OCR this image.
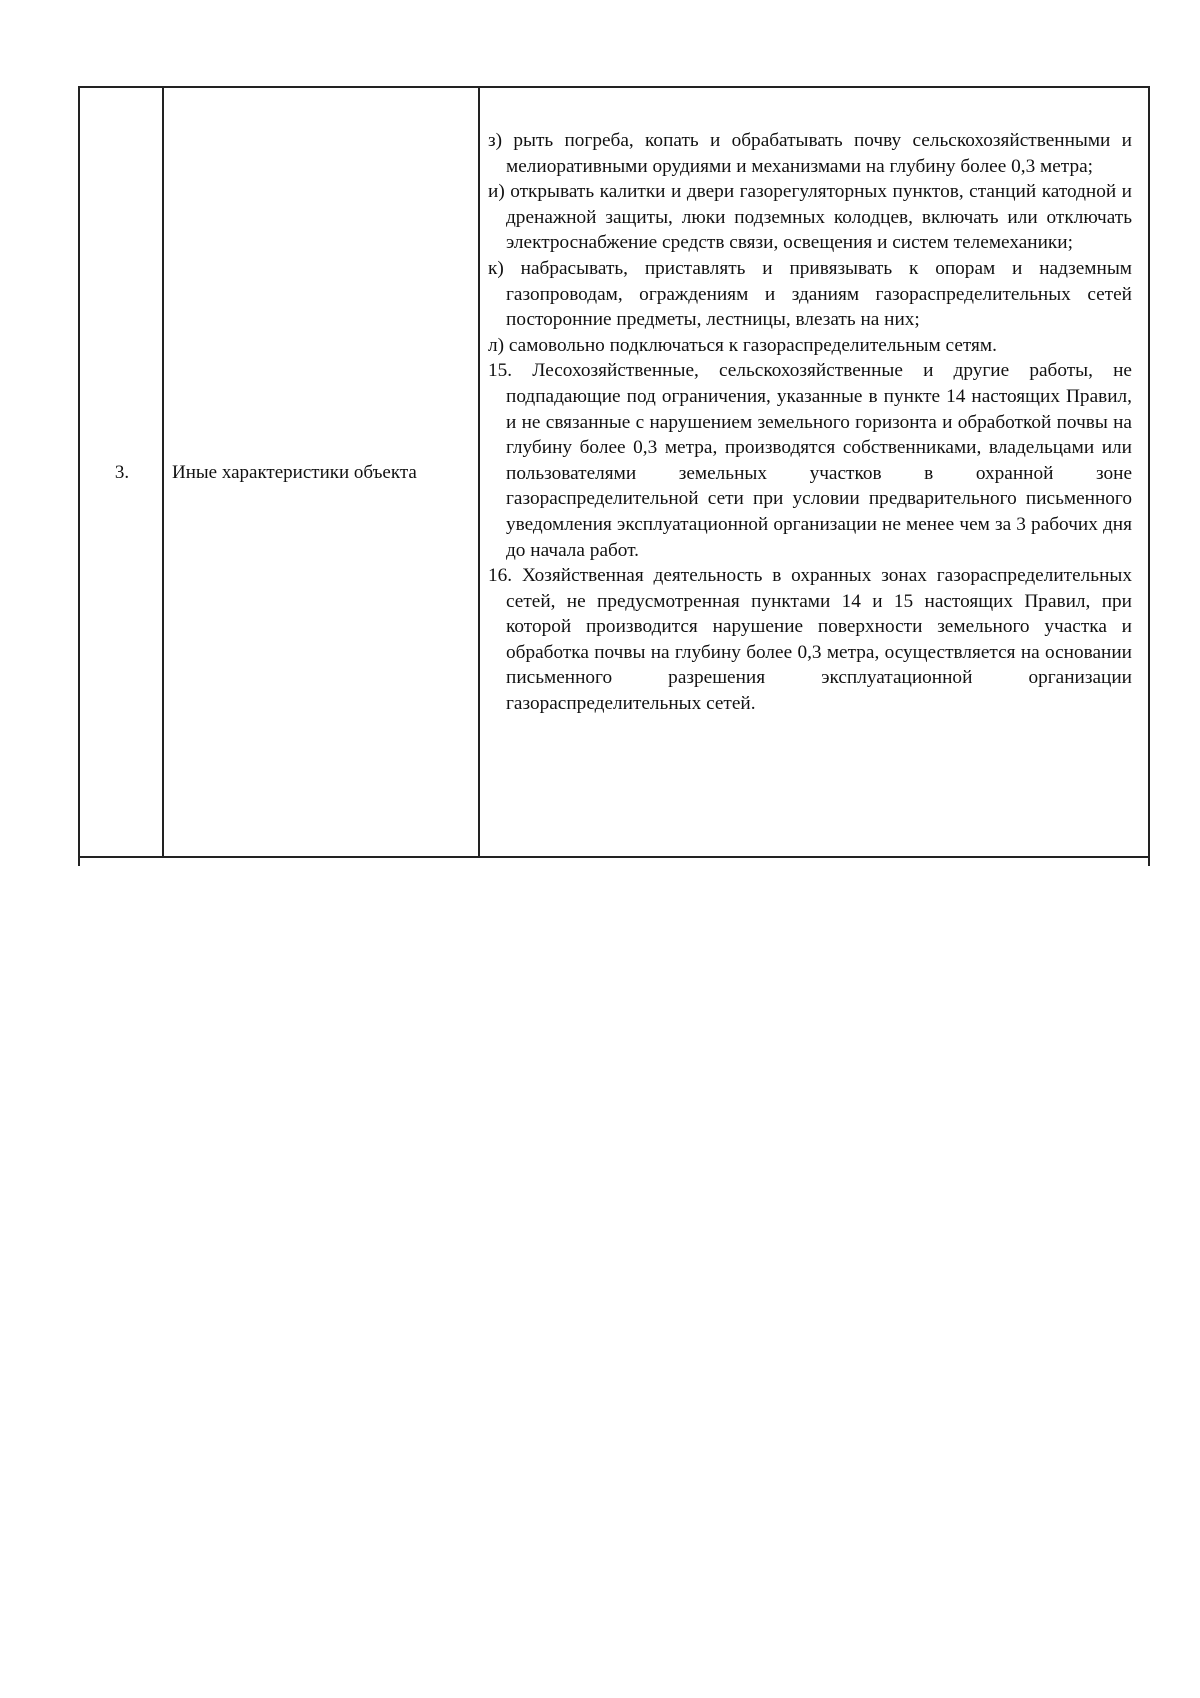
3.	Иные характеристики объекта

з) рыть погреба, копать и обрабатывать почву сельскохозяйственными и мелиоративными орудиями и механизмами на глубину более 0,3 метра;

и) открывать калитки и двери газорегуляторных пунктов, станций катодной и дренажной защиты, люки подземных колодцев, включать или отключать электроснабжение средств связи, освещения и систем телемеханики;

к) набрасывать, приставлять и привязывать к опорам и надземным газопроводам, ограждениям и зданиям газораспределительных сетей посторонние предметы, лестницы, влезать на них;

л) самовольно подключаться к газораспределительным сетям.

15. Лесохозяйственные, сельскохозяйственные и другие работы, не подпадающие под ограничения, указанные в пункте 14 настоящих Правил, и не связанные с нарушением земельного горизонта и обработкой почвы на глубину более 0,3 метра, производятся собственниками, владельцами или пользователями земельных участков в охранной зоне газораспределительной сети при условии предварительного письменного уведомления эксплуатационной организации не менее чем за 3 рабочих дня до начала работ.

16. Хозяйственная деятельность в охранных зонах газораспределительных сетей, не предусмотренная пунктами 14 и 15 настоящих Правил, при которой производится нарушение поверхности земельного участка и обработка почвы на глубину более 0,3 метра, осуществляется на основании письменного разрешения эксплуатационной организации газораспределительных сетей.
